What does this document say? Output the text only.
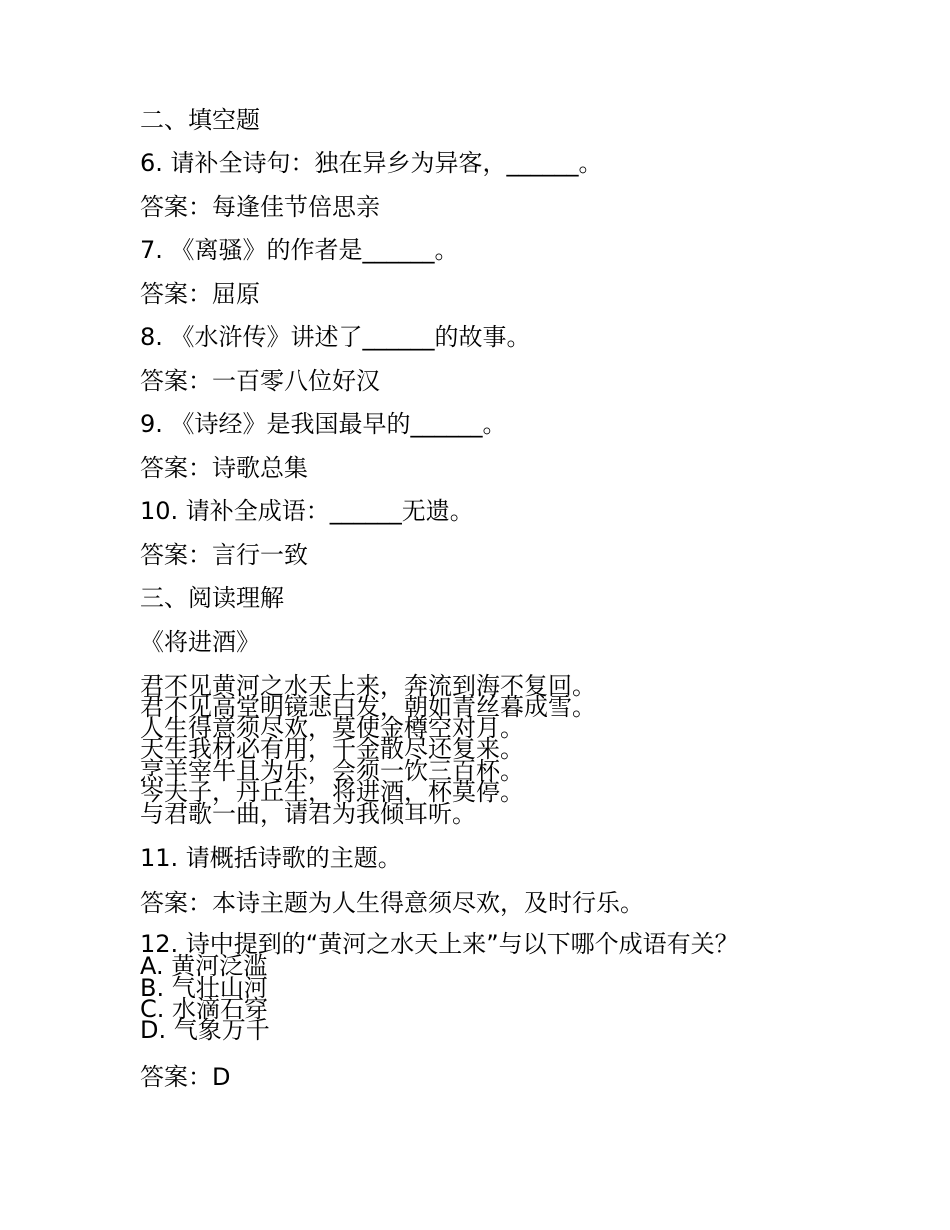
二、填空题
6. 请补全诗句：独在异乡为异客，______。
答案：每逢佳节倍思亲
7. 《离骚》的作者是______。
答案：屈原
8. 《水浒传》讲述了______的故事。
答案：一百零八位好汉
9. 《诗经》是我国最早的______。
答案：诗歌总集
10. 请补全成语：______无遗。
答案：言行一致
三、阅读理解
《将进酒》
君不见黄河之水天上来，奔流到海不复回。
君不见高堂明镜悲白发，朝如青丝暮成雪。
人生得意须尽欢，莫使金樽空对月。
天生我材必有用，千金散尽还复来。
烹羊宰牛且为乐，会须一饮三百杯。
岑夫子，丹丘生，将进酒，杯莫停。
与君歌一曲，请君为我倾耳听。
11. 请概括诗歌的主题。
答案：本诗主题为人生得意须尽欢，及时行乐。
12. 诗中提到的“黄河之水天上来”与以下哪个成语有关？
A. 黄河泛滥
B. 气壮山河
C. 水滴石穿
D. 气象万千
答案：D
